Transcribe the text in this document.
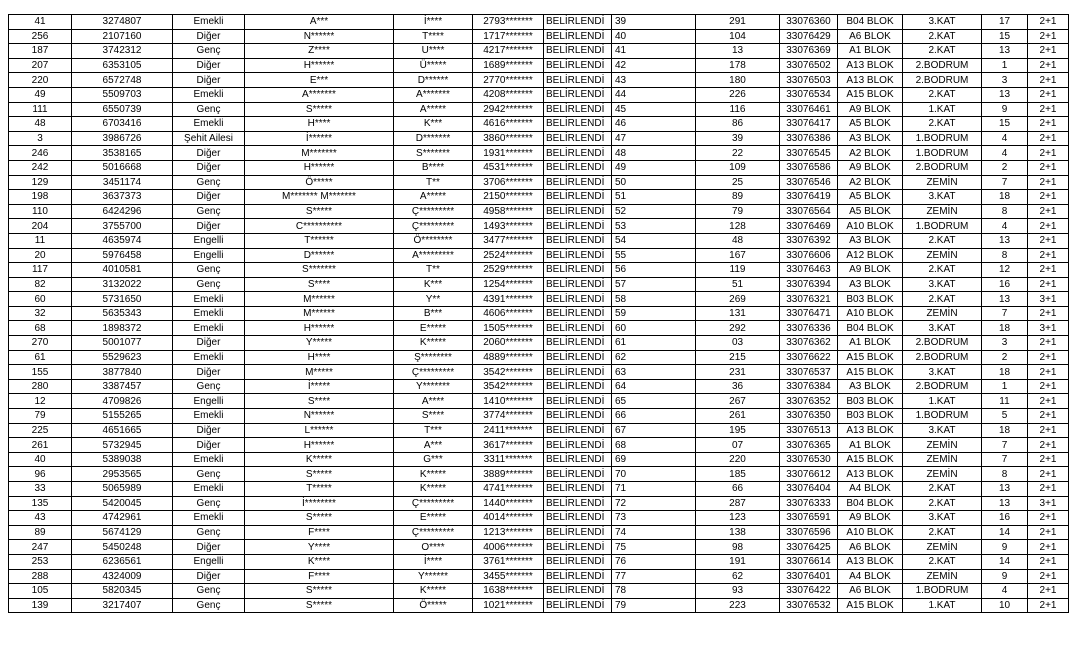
41	3274807	Emekli	A***	İ****	2793*******	BELİRLENDİ	39	291	33076360	B04 BLOK	3.KAT	17	2+1
256	2107160	Diğer	N******	T****	1717*******	BELİRLENDİ	40	104	33076429	A6 BLOK	2.KAT	15	2+1
187	3742312	Genç	Z****	U****	4217*******	BELİRLENDİ	41	13	33076369	A1 BLOK	2.KAT	13	2+1
207	6353105	Diğer	H******	Ü*****	1689*******	BELİRLENDİ	42	178	33076502	A13 BLOK	2.BODRUM	1	2+1
220	6572748	Diğer	E***	D******	2770*******	BELİRLENDİ	43	180	33076503	A13 BLOK	2.BODRUM	3	2+1
49	5509703	Emekli	A*******	A*******	4208*******	BELİRLENDİ	44	226	33076534	A15 BLOK	2.KAT	13	2+1
111	6550739	Genç	S*****	A*****	2942*******	BELİRLENDİ	45	116	33076461	A9 BLOK	1.KAT	9	2+1
48	6703416	Emekli	H****	K***	4616*******	BELİRLENDİ	46	86	33076417	A5 BLOK	2.KAT	15	2+1
3	3986726	Şehit Ailesi	İ******	D*******	3860*******	BELİRLENDİ	47	39	33076386	A3 BLOK	1.BODRUM	4	2+1
246	3538165	Diğer	M*******	S*******	1931*******	BELİRLENDİ	48	22	33076545	A2 BLOK	1.BODRUM	4	2+1
242	5016668	Diğer	H******	B****	4531*******	BELİRLENDİ	49	109	33076586	A9 BLOK	2.BODRUM	2	2+1
129	3451174	Genç	Ö*****	T**	3706*******	BELİRLENDİ	50	25	33076546	A2 BLOK	ZEMİN	7	2+1
198	3637373	Diğer	M******* M*******	A*****	2150*******	BELİRLENDİ	51	89	33076419	A5 BLOK	3.KAT	18	2+1
110	6424296	Genç	S*****	Ç*********	4958*******	BELİRLENDİ	52	79	33076564	A5 BLOK	ZEMİN	8	2+1
204	3755700	Diğer	C**********	Ç*********	1493*******	BELİRLENDİ	53	128	33076469	A10 BLOK	1.BODRUM	4	2+1
11	4635974	Engelli	T******	Ö********	3477*******	BELİRLENDİ	54	48	33076392	A3 BLOK	2.KAT	13	2+1
20	5976458	Engelli	D******	A*********	2524*******	BELİRLENDİ	55	167	33076606	A12 BLOK	ZEMİN	8	2+1
117	4010581	Genç	S*******	T**	2529*******	BELİRLENDİ	56	119	33076463	A9 BLOK	2.KAT	12	2+1
82	3132022	Genç	S****	K***	1254*******	BELİRLENDİ	57	51	33076394	A3 BLOK	3.KAT	16	2+1
60	5731650	Emekli	M******	Y**	4391*******	BELİRLENDİ	58	269	33076321	B03 BLOK	2.KAT	13	3+1
32	5635343	Emekli	M******	B***	4606*******	BELİRLENDİ	59	131	33076471	A10 BLOK	ZEMİN	7	2+1
68	1898372	Emekli	H******	E*****	1505*******	BELİRLENDİ	60	292	33076336	B04 BLOK	3.KAT	18	3+1
270	5001077	Diğer	Y*****	K*****	2060*******	BELİRLENDİ	61	03	33076362	A1 BLOK	2.BODRUM	3	2+1
61	5529623	Emekli	H****	Ş********	4889*******	BELİRLENDİ	62	215	33076622	A15 BLOK	2.BODRUM	2	2+1
155	3877840	Diğer	M*****	Ç*********	3542*******	BELİRLENDİ	63	231	33076537	A15 BLOK	3.KAT	18	2+1
280	3387457	Genç	İ*****	Y*******	3542*******	BELİRLENDİ	64	36	33076384	A3 BLOK	2.BODRUM	1	2+1
12	4709826	Engelli	S****	A****	1410*******	BELİRLENDİ	65	267	33076352	B03 BLOK	1.KAT	11	2+1
79	5155265	Emekli	N******	S****	3774*******	BELİRLENDİ	66	261	33076350	B03 BLOK	1.BODRUM	5	2+1
225	4651665	Diğer	L******	T***	2411*******	BELİRLENDİ	67	195	33076513	A13 BLOK	3.KAT	18	2+1
261	5732945	Diğer	H******	A***	3617*******	BELİRLENDİ	68	07	33076365	A1 BLOK	ZEMİN	7	2+1
40	5389038	Emekli	K*****	G***	3311*******	BELİRLENDİ	69	220	33076530	A15 BLOK	ZEMİN	7	2+1
96	2953565	Genç	S*****	K*****	3889*******	BELİRLENDİ	70	185	33076612	A13 BLOK	ZEMİN	8	2+1
33	5065989	Emekli	T*****	K*****	4741*******	BELİRLENDİ	71	66	33076404	A4 BLOK	2.KAT	13	2+1
135	5420045	Genç	İ********	Ç*********	1440*******	BELİRLENDİ	72	287	33076333	B04 BLOK	2.KAT	13	3+1
43	4742961	Emekli	S*****	E*****	4014*******	BELİRLENDİ	73	123	33076591	A9 BLOK	3.KAT	16	2+1
89	5674129	Genç	F****	Ç*********	1213*******	BELİRLENDİ	74	138	33076596	A10 BLOK	2.KAT	14	2+1
247	5450248	Diğer	Y****	O****	4006*******	BELİRLENDİ	75	98	33076425	A6 BLOK	ZEMİN	9	2+1
253	6236561	Engelli	K****	İ****	3761*******	BELİRLENDİ	76	191	33076614	A13 BLOK	2.KAT	14	2+1
288	4324009	Diğer	F****	Y******	3455*******	BELİRLENDİ	77	62	33076401	A4 BLOK	ZEMİN	9	2+1
105	5820345	Genç	S*****	K*****	1638*******	BELİRLENDİ	78	93	33076422	A6 BLOK	1.BODRUM	4	2+1
139	3217407	Genç	S*****	Ö*****	1021*******	BELİRLENDİ	79	223	33076532	A15 BLOK	1.KAT	10	2+1
